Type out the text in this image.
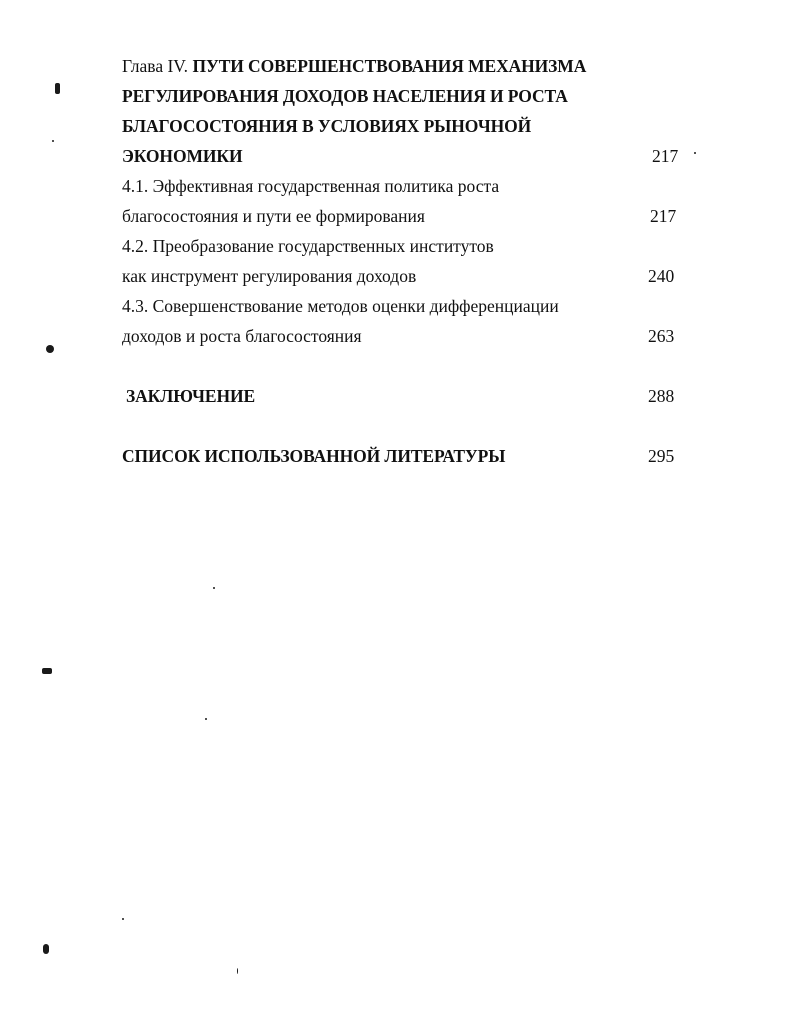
Глава IV. ПУТИ СОВЕРШЕНСТВОВАНИЯ МЕХАНИЗМА
РЕГУЛИРОВАНИЯ ДОХОДОВ НАСЕЛЕНИЯ И РОСТА
БЛАГОСОСТОЯНИЯ В УСЛОВИЯХ РЫНОЧНОЙ
ЭКОНОМИКИ	217
4.1. Эффективная государственная политика роста
благосостояния и пути ее формирования	217
4.2. Преобразование государственных институтов
как инструмент регулирования доходов	240
4.3. Совершенствование методов оценки дифференциации
доходов и роста благосостояния	263
ЗАКЛЮЧЕНИЕ	288
СПИСОК ИСПОЛЬЗОВАННОЙ ЛИТЕРАТУРЫ	295
